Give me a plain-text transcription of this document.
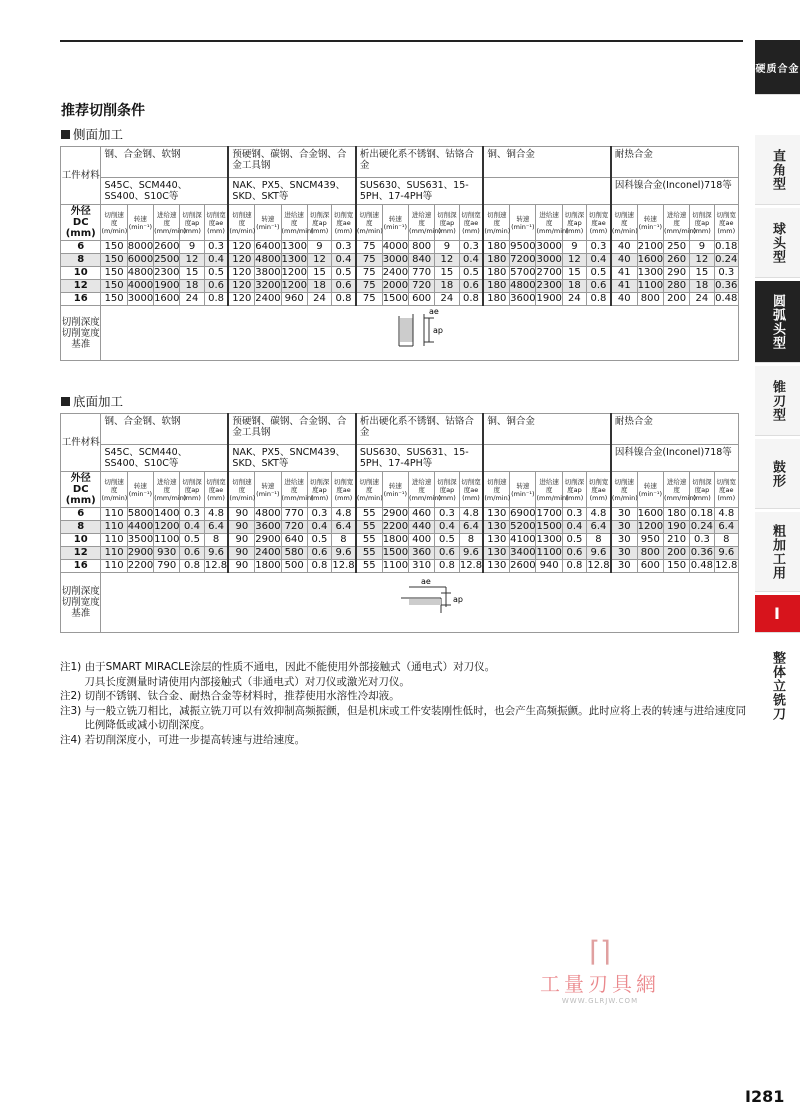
硬质合金
直角型
球头型
圆弧头型
锥刃型
鼓形
粗加工用
I
整体立铣刀
推荐切削条件
侧面加工
工件材料	钢、合金钢、软钢					预硬钢、碳钢、合金钢、合金工具钢					析出硬化系不锈钢、钴铬合金					铜、铜合金					耐热合金				
	S45C、SCM440、SS400、S10C等					NAK、PX5、SNCM439、SKD、SKT等					SUS630、SUS631、15-5PH、17-4PH等										因科镍合金(Inconel)718等				

外径
DC (mm)	切削速度(m/min)	转速(min⁻¹)	进给速度(mm/min)	切削深度ap (mm)	切削宽度ae (mm)	切削速度(m/min)	转速(min⁻¹)	进给速度(mm/min)	切削深度ap (mm)	切削宽度ae (mm)	切削速度(m/min)	转速(min⁻¹)	进给速度(mm/min)	切削深度ap (mm)	切削宽度ae (mm)	切削速度(m/min)	转速(min⁻¹)	进给速度(mm/min)	切削深度ap (mm)	切削宽度ae (mm)	切削速度(m/min)	转速(min⁻¹)	进给速度(mm/min)	切削深度ap (mm)	切削宽度ae (mm)
6	150	8000	2600	9	0.3	120	6400	1300	9	0.3	75	4000	800	9	0.3	180	9500	3000	9	0.3	40	2100	250	9	0.18
8	150	6000	2500	12	0.4	120	4800	1300	12	0.4	75	3000	840	12	0.4	180	7200	3000	12	0.4	40	1600	260	12	0.24
10	150	4800	2300	15	0.5	120	3800	1200	15	0.5	75	2400	770	15	0.5	180	5700	2700	15	0.5	41	1300	290	15	0.3
12	150	4000	1900	18	0.6	120	3200	1200	18	0.6	75	2000	720	18	0.6	180	4800	2300	18	0.6	41	1100	280	18	0.36
16	150	3000	1600	24	0.8	120	2400	960	24	0.8	75	1500	600	24	0.8	180	3600	1900	24	0.8	40	800	200	24	0.48
切削深度切削宽度基准	ae
ap																								
底面加工
工件材料	钢、合金钢、软钢					预硬钢、碳钢、合金钢、合金工具钢					析出硬化系不锈钢、钴铬合金					铜、铜合金					耐热合金				
	S45C、SCM440、SS400、S10C等					NAK、PX5、SNCM439、SKD、SKT等					SUS630、SUS631、15-5PH、17-4PH等										因科镍合金(Inconel)718等				

外径
DC (mm)	切削速度(m/min)	转速(min⁻¹)	进给速度(mm/min)	切削深度ap (mm)	切削宽度ae (mm)	切削速度(m/min)	转速(min⁻¹)	进给速度(mm/min)	切削深度ap (mm)	切削宽度ae (mm)	切削速度(m/min)	转速(min⁻¹)	进给速度(mm/min)	切削深度ap (mm)	切削宽度ae (mm)	切削速度(m/min)	转速(min⁻¹)	进给速度(mm/min)	切削深度ap (mm)	切削宽度ae (mm)	切削速度(m/min)	转速(min⁻¹)	进给速度(mm/min)	切削深度ap (mm)	切削宽度ae (mm)
6	110	5800	1400	0.3	4.8	90	4800	770	0.3	4.8	55	2900	460	0.3	4.8	130	6900	1700	0.3	4.8	30	1600	180	0.18	4.8
8	110	4400	1200	0.4	6.4	90	3600	720	0.4	6.4	55	2200	440	0.4	6.4	130	5200	1500	0.4	6.4	30	1200	190	0.24	6.4
10	110	3500	1100	0.5	8	90	2900	640	0.5	8	55	1800	400	0.5	8	130	4100	1300	0.5	8	30	950	210	0.3	8
12	110	2900	930	0.6	9.6	90	2400	580	0.6	9.6	55	1500	360	0.6	9.6	130	3400	1100	0.6	9.6	30	800	200	0.36	9.6
16	110	2200	790	0.8	12.8	90	1800	500	0.8	12.8	55	1100	310	0.8	12.8	130	2600	940	0.8	12.8	30	600	150	0.48	12.8
切削深度切削宽度基准	ae
ap																								
注1) 由于SMART MIRACLE涂层的性质不通电，因此不能使用外部接触式（通电式）对刀仪。
　　 刀具长度测量时请使用内部接触式（非通电式）对刀仪或激光对刀仪。
注2) 切削不锈钢、钛合金、耐热合金等材料时，推荐使用水溶性冷却液。
注3) 与一般立铣刀相比，减振立铣刀可以有效抑制高频振颤，但是机床或工件安装刚性低时，也会产生高频振颤。此时应将上表的转速与进给速度同
　　 比例降低或减小切削深度。
注4) 若切削深度小，可进一步提高转速与进给速度。
⌈⌉
工量刃具網
WWW.GLRJW.COM
I281
